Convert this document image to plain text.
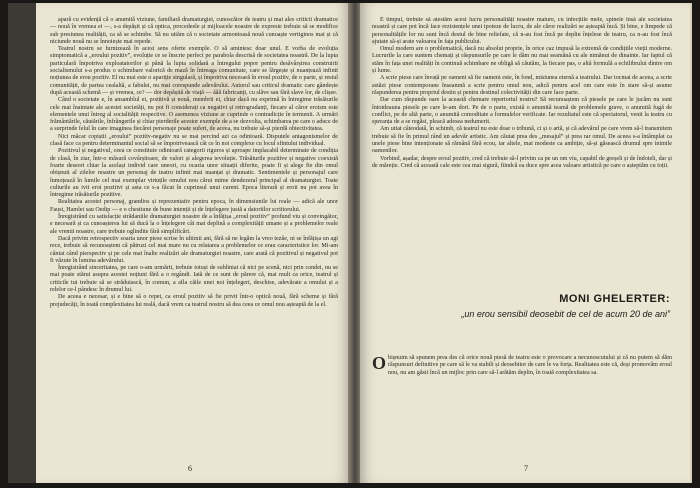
apară cu evidență că o anumită viziune, familiară dramaturgiei, cunoscător de teatru și mai ales criticii dramatice — nouă în vremea ei —, s-a depășit și că optica, procedeele și mijloacele noastre de expresie trebuie să se modifice sub presiunea realității, ca să se schimbe. Să nu uităm că o societate armonioasă nouă cunoaște vertiginos mai și că niciunde nouă nu se înnoiește mai repede.

Teatrul nostru se furnizează în acest sens oferte exemple. O să amintesc doar unul. E vorba de evoluția simptomatică a „eroului pozitiv”, evoluție ce se înscrie perfect pe parabola descrisă de societatea noastră. De la lupta particulară împotriva exploatatorilor și până la lupta solidară a întregului popor pentru desăvârșirea construirii socialismului s-a produs o schimbare valorică de mază în întreaga comunitate, care se lărgește și nuanțează infinit noțiunea de erou pozitiv. El nu mai este o apariție singulară, și împotriva necesară în eroul pozitiv, de o parte, și restul comunității, de partea cealaltă, a fabulei, nu mai corespunde adevărului. Autorul sau criticul dramatic care gândește după această schemă — și vremea, ce? — dor depășită de viață — ăăă fabricanți, cu slăve sau fără slave lor, de clișee.

Când o societate e, în ansamblul ei, pozitivă și nouă, membrii ei, chiar dacă nu exprimă în întregime trăsăturile cele mai înaintate ale acestei societăți, nu pot fi considerați ca negativi și retrogradanți, fiecare al căror eroism este elementele unui întreg al socialității respective. O asemenea viziune ar cuprinde o contradicție în termenii. A urmări frământările, căutările, înfrângerile și chiar pierderile acestor exemple de a se dezvolta, schimbarea pe care o aduce de a surprinde felul în care imaginea fiecărei personaje poate suferi, de aceea, nu trebuie să-și pierdă obiectivitatea.

Nici măcar copiștii „eroului” pozitiv-negativ nu se mai percind azi ca odinioară. Disputele antagonismelor de clasă face ca pentru determinantul social să se împotriveaacă cât ce în noi complexe cu locul sfintului individual.

Pozitivul și negativul, ceea ce constituie odinioară categorii riguros și aproape implacabil determinate de condiția de clasă, în ziar, într-o măsură covârșitoare, de valori și alegerea ievoluție. Trăsăturile pozitive și negative coexistă foarte deseori chiar la același individ care uneori, cu ocazia unor situații diferite, poate fi și alege fie din omul obișnuit al zilelor noastre un personaj de teatru infinit mai nuanțat și dramatic. Sentimentele și personajul care înmoțează în lumile cel mai exemplar virtuțile omului nou cărui mime dendezeral principal al dramaturgiei. Toate culturile au ivit eroi pozitivi și asta ce s-a făcut în cuprinsul unui curent. Epoca literară și eroii nu pot avea în întregime trăsăturile pozitive.

Realitatea acestei personaj, grandios și reprezentativ pentru epoca, în dimensiunile lui reale — adică ale unor Faust, Hamlet sau Oedip — e o chestiune de bune intenții și de înțelegere justă a datoriilor scriitorului.

Înregistrând cu satisfacție strădaniile dramaturgiei noastre de a înfățișa „eroul pozitiv” profund viu și convingător, e necesară și ca cunoașterea lui să ducă la o înțelegere cât mai deplină a complexității umane și a problemelor reale ale vremii noastre, care trebuie oglindite fără simplificări.

Dacă privim retrospectiv soarta unor piese scrise în ultimii ani, fără să ne legăm la vreo tezăe, ni se înfățișa un agi rece, trebuie să recunoaștem că pătruzi cel mai mare nu cu relatarea a problemelor ce erau caracteristice lor. Mi-am cântat când pierspectiv și pe cele mai înalte realizări ale dramaturgiei noastre, care arată că pozitivul și negativul pot fi văzute în lumina adevărului.

Înregistrând sinceritatea, pe care o-am urmărit, trebuie totuși de subliniat că nici pe scenă, nici prin condei, nu se mai poate stărui asupra acestei noțiuni fără a o regândi. Iată de ce sunt de părere că, mai mult ca orice, teatrul și criticile tui trebuie să se străduiască, în comun, a afla căile unei noi înțelegeri, deschise, adevărate a omului și a relelor ce-l pândesc în drumul lui.

De aceea e necesar, și e bine să o repet, ca eroul pozitiv să fie privit într-o optică nouă, fără scheme și fără prejudecăți, în toată complexitatea lui reală, dacă vrem ca teatrul nostru să dea ceea ce omul nou așteaptă de la el.

6

E timpul, trebuie să atestăm acest lucru personalități noastre mature, cu infecțiile mele, spinele însă ale societatea noastră și care pot încă face rezistențele unei ipoteze de lucru, de ale căror realizări se așteaptă încă. Și bine, e limpede că personalitățile lor nu sunt încă destul de bine reliefate, că n-au fost încă pe deplin înțelese de teatru, ca n-au fost încă ajutate să-și arate valoarea în fața publicului.

Omul modern are o problematică, dacă nu absolut proprie, în orice caz impusă la extremă de condițiile vieții moderne. Lucrurile la care suntem chemați și răspunsurile pe care le dăm nu mai seamănă cu ale nimănui de dinainte. Iar faptul că stăm în fața unei realități în continuă schimbare ne obligă să căutăm, la fiecare pas, o altă formulă a echilibrului dintre om și lume.

A scrie piese care învață pe oameni să fie oameni este, în fond, misiunea eternă a teatrului. Dar tocmai de aceea, a scrie astăzi piese contemporane înseamnă a scrie pentru omul nou, adică pentru acel om care este în stare să-și asume răspunderea pentru propriul destin și pentru destinul colectivității din care face parte.

Dar cum răspunde oare la această chemare repertoriul nostru? Să recunoaștem că piesele pe care le jucăm nu sunt întotdeauna piesele pe care le-am dori. Pe de o parte, există o anumită teamă de problemele grave, o anumită fugă de conflict, pe de altă parte, o anumită comoditate a formulelor verificate. Iar rezultatul este că spectatorul, venit la teatru cu speranța de a se regăsi, pleacă adesea nedumerit.

Am uitat câteodată, în schimb, că teatrul nu este doar o tribună, ci și o artă, și că adevărul pe care vrem să-l transmitem trebuie să fie în primul rând un adevăr artistic. Am căutat prea des „mesajul” și prea rar omul. De aceea s-a întâmplat ca unele piese bine intenționate să rămână fără ecou, iar altele, mai modeste ca ambiție, să-și găsească drumul spre inimile oamenilor.

Vorbind, așadar, despre eroul pozitiv, cred că trebuie să-l privim ca pe un om viu, capabil de greșeli și de îndoieli, dar și de măreție. Cred că această cale este cea mai sigură, fiindcă ea duce spre acea valoare artistică pe care o așteptăm cu toții.

MONI GHELERTER:
„un erou sensibil deosebit de cel de acum 20 de ani”
Obișnuim să spunem prea des că orice nouă piesă de teatru este o provocare a necunoscutului și că nu putem să dăm răspunsuri definitive pe care să le va stabili și deosebitor de care le va forța. Realitatea este că, deși promovăm eroul nou, nu am găsit încă un mijloc prin care să-l arătăm deplin, în toată complexitatea sa.
7
